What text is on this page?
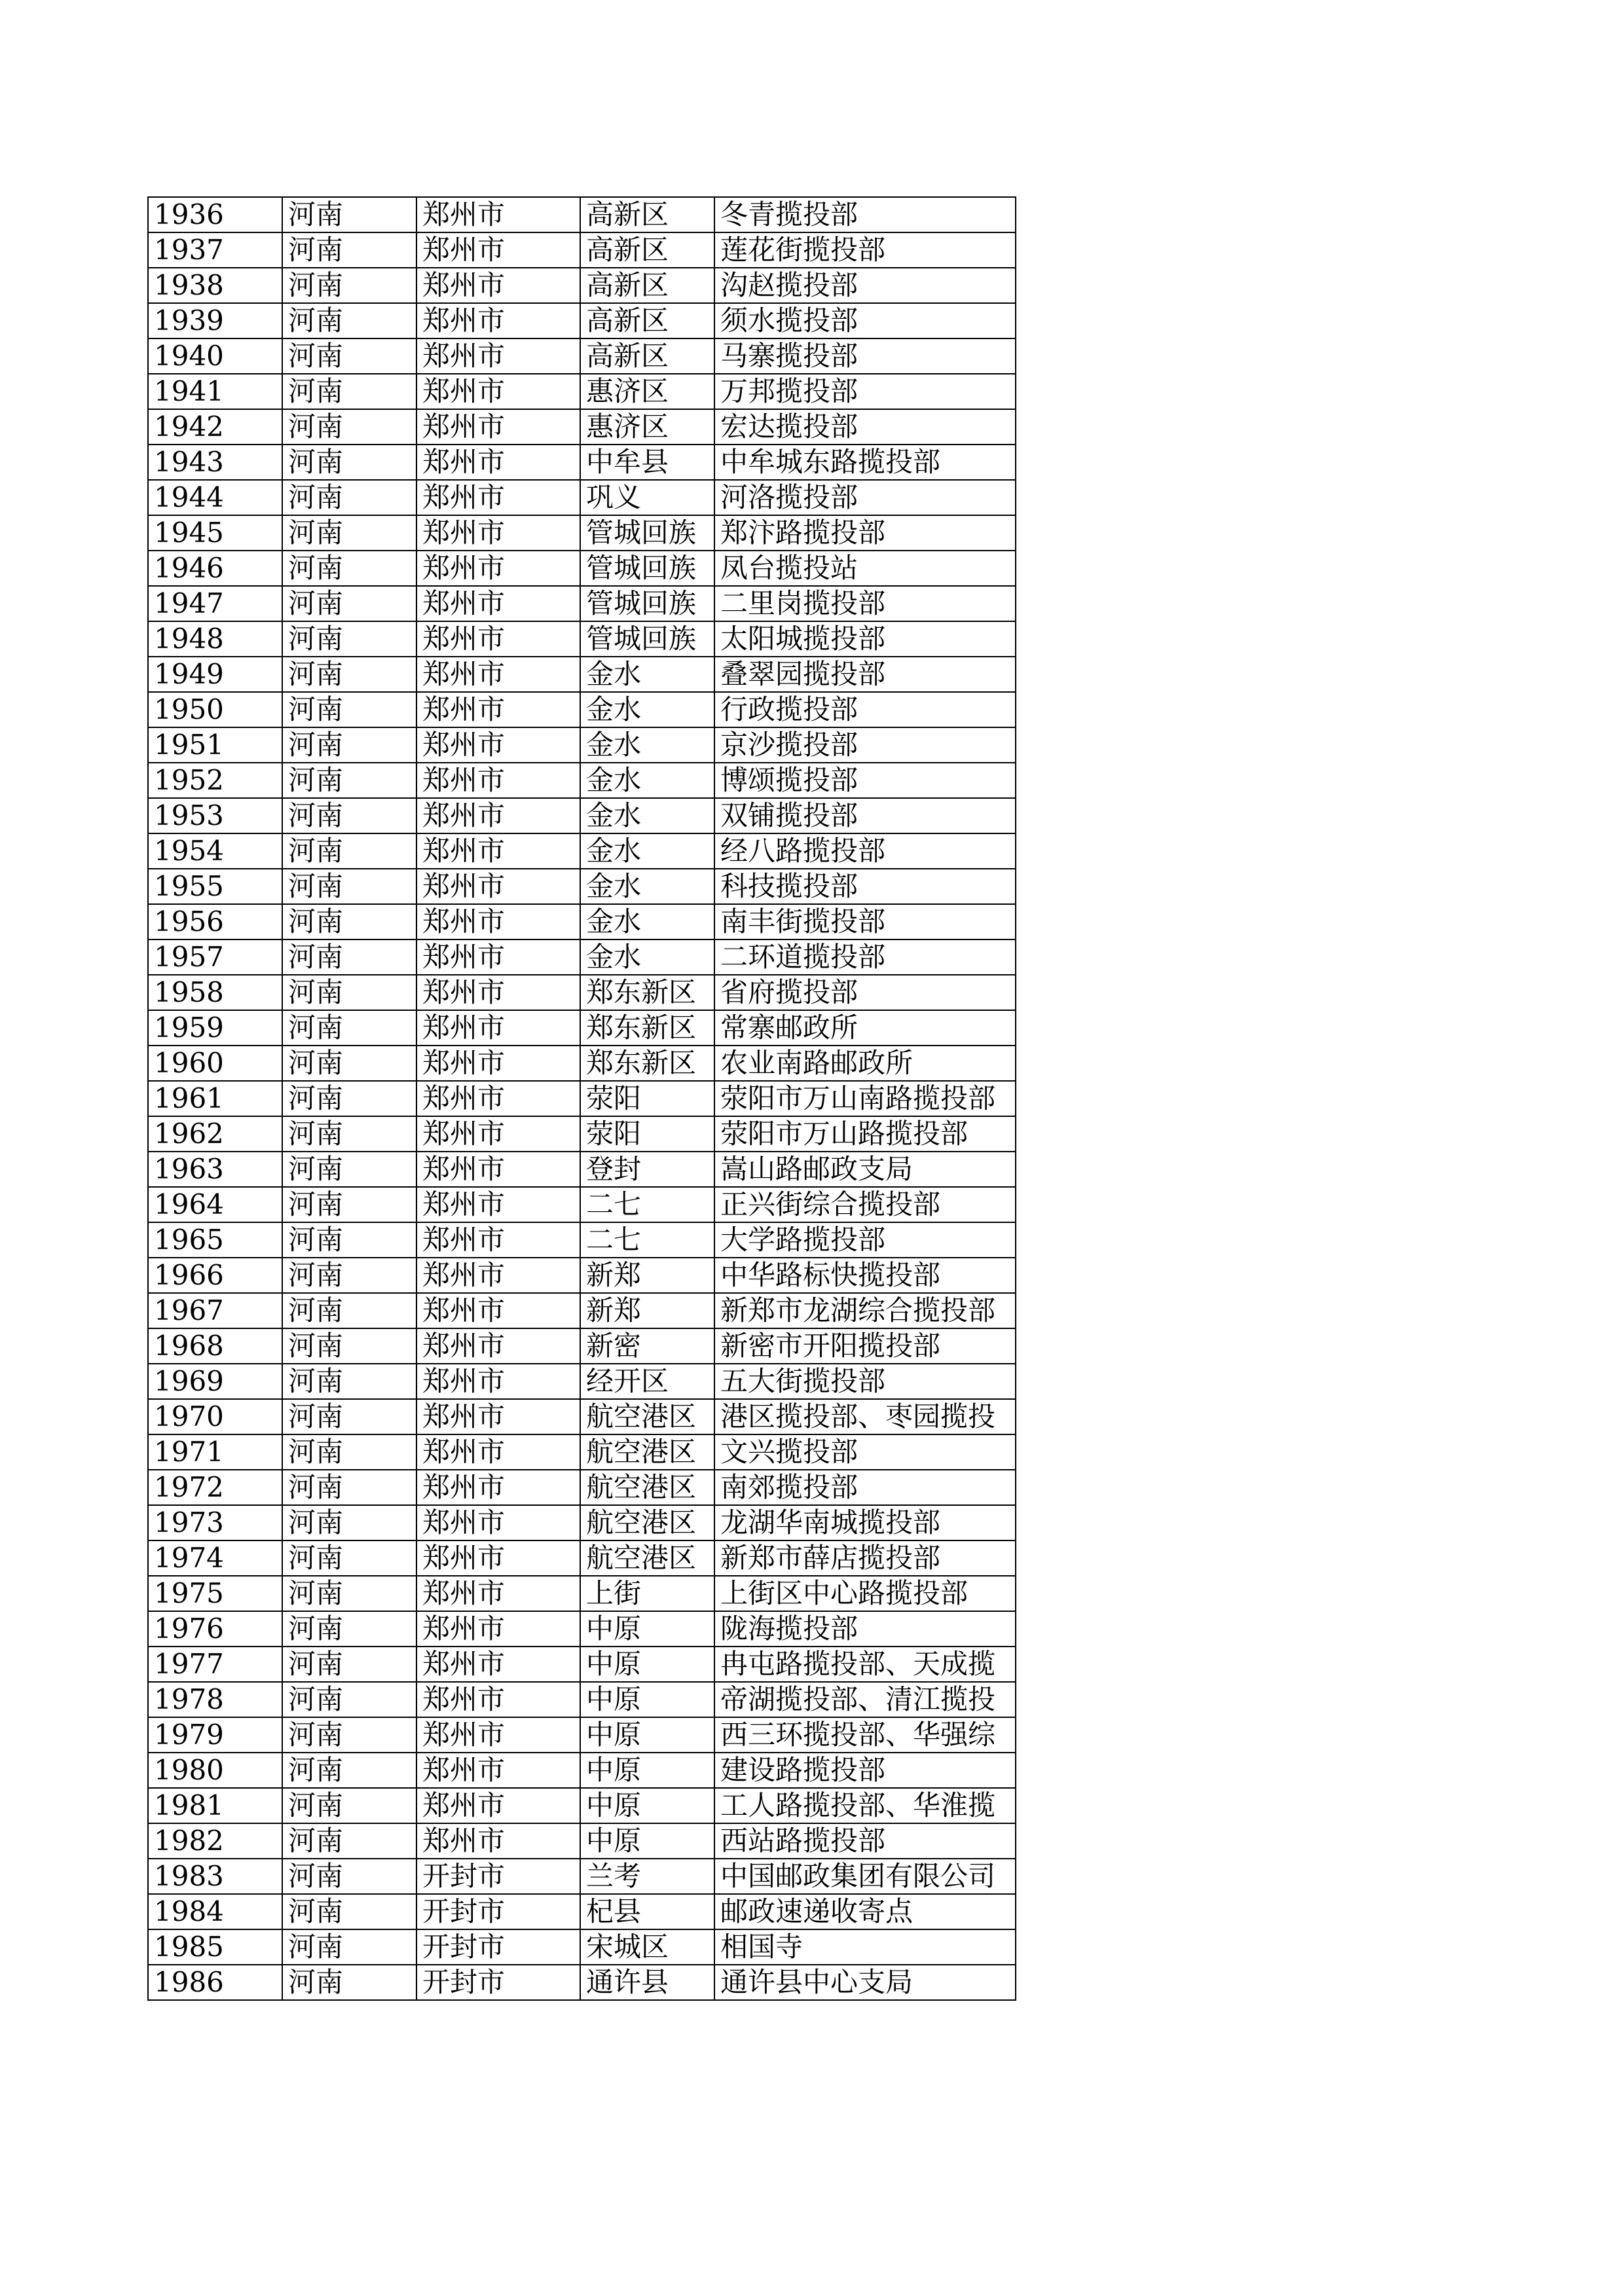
1936	河南	郑州市	高新区	冬青揽投部
1937	河南	郑州市	高新区	莲花街揽投部
1938	河南	郑州市	高新区	沟赵揽投部
1939	河南	郑州市	高新区	须水揽投部
1940	河南	郑州市	高新区	马寨揽投部
1941	河南	郑州市	惠济区	万邦揽投部
1942	河南	郑州市	惠济区	宏达揽投部
1943	河南	郑州市	中牟县	中牟城东路揽投部
1944	河南	郑州市	巩义	河洛揽投部
1945	河南	郑州市	管城回族	郑汴路揽投部
1946	河南	郑州市	管城回族	凤台揽投站
1947	河南	郑州市	管城回族	二里岗揽投部
1948	河南	郑州市	管城回族	太阳城揽投部
1949	河南	郑州市	金水	叠翠园揽投部
1950	河南	郑州市	金水	行政揽投部
1951	河南	郑州市	金水	京沙揽投部
1952	河南	郑州市	金水	博颂揽投部
1953	河南	郑州市	金水	双铺揽投部
1954	河南	郑州市	金水	经八路揽投部
1955	河南	郑州市	金水	科技揽投部
1956	河南	郑州市	金水	南丰街揽投部
1957	河南	郑州市	金水	二环道揽投部
1958	河南	郑州市	郑东新区	省府揽投部
1959	河南	郑州市	郑东新区	常寨邮政所
1960	河南	郑州市	郑东新区	农业南路邮政所
1961	河南	郑州市	荥阳	荥阳市万山南路揽投部
1962	河南	郑州市	荥阳	荥阳市万山路揽投部
1963	河南	郑州市	登封	嵩山路邮政支局
1964	河南	郑州市	二七	正兴街综合揽投部
1965	河南	郑州市	二七	大学路揽投部
1966	河南	郑州市	新郑	中华路标快揽投部
1967	河南	郑州市	新郑	新郑市龙湖综合揽投部
1968	河南	郑州市	新密	新密市开阳揽投部
1969	河南	郑州市	经开区	五大街揽投部
1970	河南	郑州市	航空港区	港区揽投部、枣园揽投
1971	河南	郑州市	航空港区	文兴揽投部
1972	河南	郑州市	航空港区	南郊揽投部
1973	河南	郑州市	航空港区	龙湖华南城揽投部
1974	河南	郑州市	航空港区	新郑市薛店揽投部
1975	河南	郑州市	上街	上街区中心路揽投部
1976	河南	郑州市	中原	陇海揽投部
1977	河南	郑州市	中原	冉屯路揽投部、天成揽
1978	河南	郑州市	中原	帝湖揽投部、清江揽投
1979	河南	郑州市	中原	西三环揽投部、华强综
1980	河南	郑州市	中原	建设路揽投部
1981	河南	郑州市	中原	工人路揽投部、华淮揽
1982	河南	郑州市	中原	西站路揽投部
1983	河南	开封市	兰考	中国邮政集团有限公司
1984	河南	开封市	杞县	邮政速递收寄点
1985	河南	开封市	宋城区	相国寺
1986	河南	开封市	通许县	通许县中心支局
